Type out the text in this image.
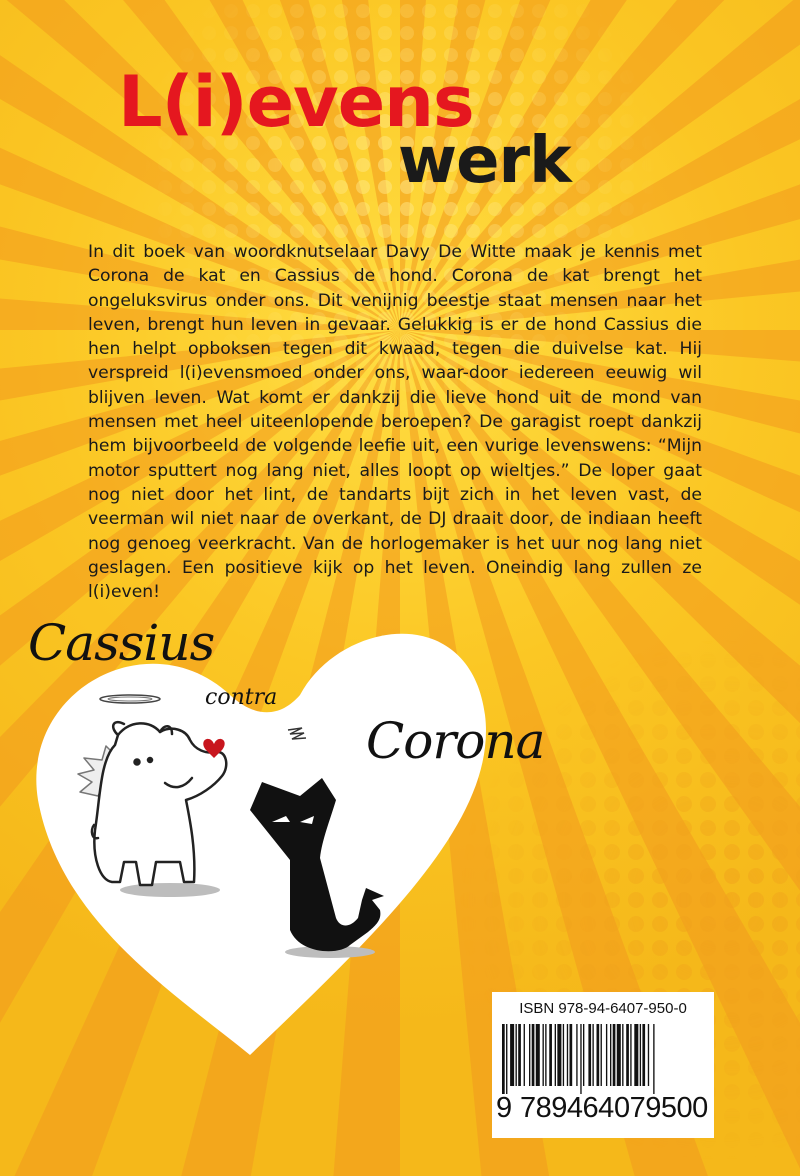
L(i)evens
werk

In dit boek van woordknutselaar Davy De Witte maak je kennis met Corona de kat en Cassius de hond. Corona de kat brengt het ongeluksvirus onder ons. Dit venijnig beestje staat mensen naar het leven, brengt hun leven in gevaar. Gelukkig is er de hond Cassius die hen helpt opboksen tegen dit kwaad, tegen die duivelse kat. Hij verspreid l(i)evensmoed onder ons, waar-door iedereen eeuwig wil blijven leven. Wat komt er dankzij die lieve hond uit de mond van mensen met heel uiteenlopende beroepen? De garagist roept dankzij hem bijvoorbeeld de volgende leefie uit, een vurige levenswens: “Mijn motor sputtert nog lang niet, alles loopt op wieltjes.” De loper gaat nog niet door het lint, de tandarts bijt zich in het leven vast, de veerman wil niet naar de overkant, de DJ draait door, de indiaan heeft nog genoeg veerkracht. Van de horlogemaker is het uur nog lang niet geslagen. Een positieve kijk op het leven. Oneindig lang zullen ze l(i)even!

Cassius
contra
Corona
ISBN 978-94-6407-950-0
9 789464 079500
